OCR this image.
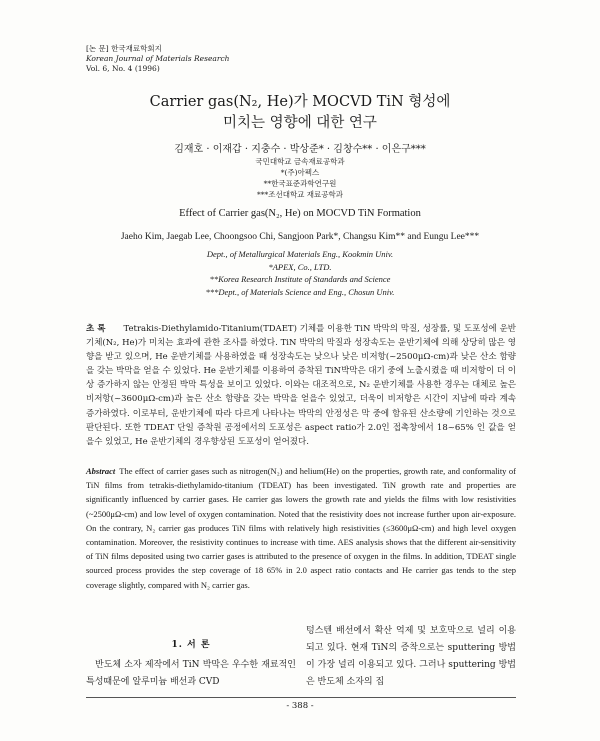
[논 문] 한국재료학회지
Korean Journal of Materials Research
Vol. 6, No. 4 (1996)
Carrier gas(N₂, He)가 MOCVD TiN 형성에
미치는 영향에 대한 연구
김재호 · 이재갑 · 지충수 · 박상준* · 김창수** · 이은구***
국민대학교 금속재료공학과
*(주)아펙스
**한국표준과학연구원
***조선대학교 재료공학과
Effect of Carrier gas(N₂, He) on MOCVD TiN Formation
Jaeho Kim, Jaegab Lee, Choongsoo Chi, Sangjoon Park*, Changsu Kim** and Eungu Lee***
Dept., of Metallurgical Materials Eng., Kookmin Univ.
*APEX, Co., LTD.
**Korea Research Institute of Standards and Science
***Dept., of Materials Science and Eng., Chosun Univ.
초 록 Tetrakis-Diethylamido-Titanium(TDAET) 기체를 이용한 TiN 박막의 막질, 성장률, 및 도포성에 운반기체(N₂, He)가 미치는 효과에 관한 조사를 하였다. TiN 박막의 막질과 성장속도는 운반기체에 의해 상당히 많은 영향을 받고 있으며, He 운반기체를 사용하였을 때 성장속도는 낮으나 낮은 비저항(~2500μΩ-cm)과 낮은 산소 함량을 갖는 박막을 얻을 수 있었다. He 운반기체를 이용하여 증착된 TiN박막은 대기 중에 노출시켰을 때 비저항이 더 이상 증가하지 않는 안정된 박막 특성을 보이고 있었다. 이와는 대조적으로, N₂ 운반기체를 사용한 경우는 대체로 높은 비저항(~3600μΩ-cm)과 높은 산소 함량을 갖는 박막을 얻을수 있었고, 더욱이 비저항은 시간이 지남에 따라 계속 증가하였다. 이로부터, 운반기체에 따라 다르게 나타나는 박막의 안정성은 막 중에 함유된 산소량에 기인하는 것으로 판단된다. 또한 TDEAT 단일 증착원 공정에서의 도포성은 aspect ratio가 2.0인 접촉창에서 18~65% 인 값을 얻을수 있었고, He 운반기체의 경우향상된 도포성이 얻어졌다.
Abstract The effect of carrier gases such as nitrogen(N₂) and helium(He) on the properties, growth rate, and conformality of TiN films from tetrakis-diethylamido-titanium (TDEAT) has been investigated. TiN growth rate and properties are significantly influenced by carrier gases. He carrier gas lowers the growth rate and yields the films with low resistivities (~2500μΩ-cm) and low level of oxygen contamination. Noted that the resistivity does not increase further upon air-exposure. On the contrary, N₂ carrier gas produces TiN films with relatively high resistivities (≤3600μΩ-cm) and high level oxygen contamination. Moreover, the resistivity continues to increase with time. AES analysis shows that the different air-sensitivity of TiN films deposited using two carrier gases is attributed to the presence of oxygen in the films. In addition, TDEAT single sourced process provides the step coverage of 18 65% in 2.0 aspect ratio contacts and He carrier gas tends to the step coverage slightly, compared with N₂ carrier gas.
1. 서 론
반도체 소자 제작에서 TiN 박막은 우수한 재료적인 특성때문에 알루미늄 배선과 CVD
텅스텐 배선에서 확산 억제 및 보호막으로 널리 이용되고 있다. 현재 TiN의 증착으로는 sputtering 방법이 가장 널리 이용되고 있다. 그러나 sputtering 방법은 반도체 소자의 집
- 388 -
